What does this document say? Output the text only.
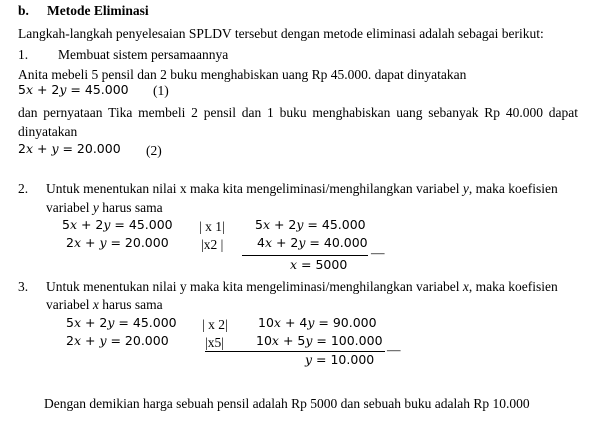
b. Metode Eliminasi
Langkah-langkah penyelesaian SPLDV tersebut dengan metode eliminasi adalah sebagai berikut:
1. Membuat sistem persamaannya
Anita mebeli 5 pensil dan 2 buku menghabiskan uang Rp 45.000. dapat dinyatakan
5x + 2y = 45.000 (1)
dan pernyataan Tika membeli 2 pensil dan 1 buku menghabiskan uang sebanyak Rp 40.000 dapat
dinyatakan
2x + y = 20.000 (2)
2. Untuk menentukan nilai x maka kita mengeliminasi/menghilangkan variabel y, maka koefisien
variabel y harus sama
5x + 2y = 45.000
2x + y = 20.000
| x 1|
|x2 |
5x + 2y = 45.000
4x + 2y = 40.000
—
x = 5000
3. Untuk menentukan nilai y maka kita mengeliminasi/menghilangkan variabel x, maka koefisien
variabel x harus sama
5x + 2y = 45.000
2x + y = 20.000
| x 2|
|x5|
10x + 4y = 90.000
10x + 5y = 100.000
—
y = 10.000
Dengan demikian harga sebuah pensil adalah Rp 5000 dan sebuah buku adalah Rp 10.000
